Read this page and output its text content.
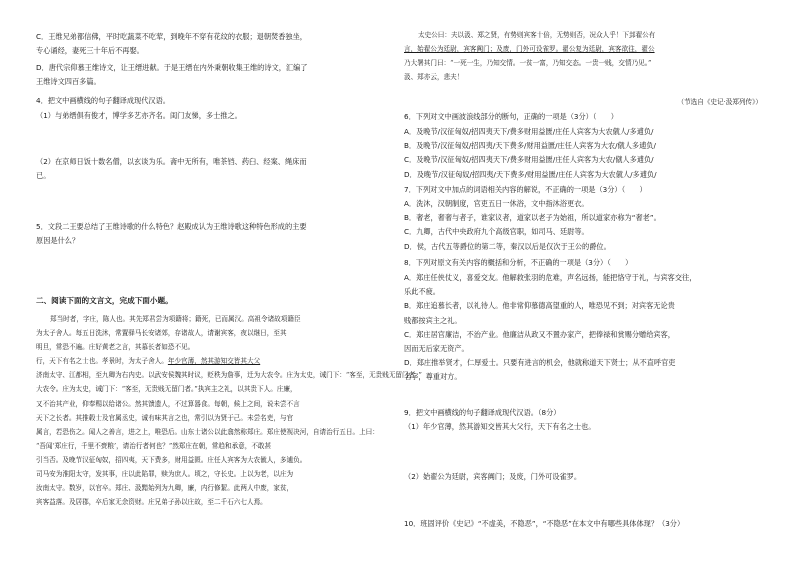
C．王维兄弟都信佛，平时吃蔬菜不吃荤，到晚年不穿有花纹的衣服；退朝焚香独坐，
专心诵经，妻死三十年后不再娶。
D．唐代宗仰慕王维诗文，让王缙进献。于是王缙在内外秉朝收集王维的诗文，汇编了
王维诗文四百多篇。
4．把文中画横线的句子翻译成现代汉语。
（1）与弟缙俱有俊才，博学多艺亦齐名。闺门友悌，多士推之。
（2）在京师日饭十数名僧，以玄谈为乐。斋中无所有，唯茶铛、药臼、经案、绳床而
已。
5．文段二王要总结了王维诗歌的什么特色？赵殿成认为王维诗歌这种特色形成的主要
原因是什么？
二、阅读下面的文言文，完成下面小题。
郑当时者，字庄，陈人也。其先郑君尝为项籍将；籍死，已而属汉。高祖令诸故项籍臣
为太子舍人。每五日洗沐，常置驿马长安诸郊，存诸故人，请谢宾客，夜以继日，至其
明旦，常恐不遍。庄好黄老之言，其慕长者如恐不见。
行，天下有名之士也。孝景时，为太子舍人。年少官薄，然其游知交皆其大父
济南太守、江都相，至九卿为右内史。以武安侯魏其时议，贬秩为詹事，迁为大农令。庄为太史，诫门下：“客至，无贵贱无留门者。”
大农令。庄为太史，诫门下：“客至，无贵贱无留门者。”执宾主之礼，以其贵下人。庄廉，
又不治其产业，仰奉赐以给诸公。然其馈遗人，不过算器食。每朝，候上之间，说未尝不言
天下之长者。其推毂士及官属丞史，诚有味其言之也，常引以为贤于己。未尝名吏，与官
属言，若恐伤之。闻人之善言，进之上，唯恐后。山东士诸公以此翕然称郑庄。郑庄使视决河，自请治行五日。上曰：
“吾闻‘郑庄行，千里不赍粮’，请治行者何也？”然郑庄在朝，常趋和承意，不敢甚
引当否。及晚节汉征匈奴，招四夷，天下费多，财用益匮。庄任人宾客为大农僦人，多逋负。
司马安为淮阳太守，发其事，庄以此陷罪，赎为庶人。顷之，守长史。上以为老，以庄为
汝南太守。数岁，以官卒。郑庄、汲黯始列为九卿，廉，内行修絜。此两人中废，家贫，
宾客益落。及居郡，卒后家无余资财。庄兄弟子孙以庄故，至二千石六七人焉。
太史公曰：夫以汲、郑之贤，有势则宾客十倍，无势则否，况众人乎！下邽翟公有
言，始翟公为廷尉，宾客阗门；及废，门外可设雀罗。翟公复为廷尉，宾客欲往，翟公
乃大署其门曰：“一死一生，乃知交情。一贫一富，乃知交态。一贵一贱，交情乃见。”
汲、郑亦云，悲夫！
（节选自《史记·汲郑列传》）
6．下列对文中画波浪线部分的断句，正确的一项是（3分）（　　）
A．及晚节/汉征匈奴/招四夷天下/费多财用益匮/庄任人宾客为大农僦人/多逋负/
B．及晚节/汉征匈奴/招四夷/天下费多/财用益匮/庄任人宾客为大农/僦人多逋负/
C．及晚节/汉征匈奴/招四夷天下/费多财用益匮/庄任人宾客为大农/僦人多逋负/
D．及晚节/汉征匈奴/招四夷/天下费多/财用益匮/庄任人宾客为大农僦人/多逋负/
7．下列对文中加点的词语相关内容的解说，不正确的一项是（3分）（　　）
A．洗沐，汉朝制度，官吏五日一休浴，文中指沐浴更衣。
B．奢老，奢奢与者子，谁家议者，道家以老子为始祖，所以道家亦称为“奢老”。
C．九卿，古代中央政府九个高级官职，如司马、廷尉等。
D．侯，古代五等爵位的第二等，秦汉以后是仅次于王公的爵位。
8．下列对原文有关内容的概括和分析，不正确的一项是（3分）（　　）
A．郑庄任侠仗义，喜爱交友。他解救张羽的危难，声名远扬，能把恪守于礼，与宾客交往，
乐此不疲。
B．郑庄追慕长者，以礼待人。他非常仰慕德高望重的人，唯恐见不到；对宾客无论贵
贱都按宾主之礼。
C．郑庄居官廉洁，不治产业。他廉洁从政又不置办家产，把俸禄和赏赐分赠给宾客，
因而无后家无资产。
D．郑庄推举贤才，仁厚爱士。只要有进言的机会，他就称道天下贤士；从不直呼官吏
名字，尊重对方。
9．把文中画横线的句子翻译成现代汉语。（8分）
（1）年少官薄，然其游知交皆其大父行，天下有名之士也。
（2）始翟公为廷尉，宾客阗门；及废，门外可设雀罗。
10．班固评价《史记》“不虚美，不隐恶”，“不隐恶”在本文中有哪些具体体现？（3分）
